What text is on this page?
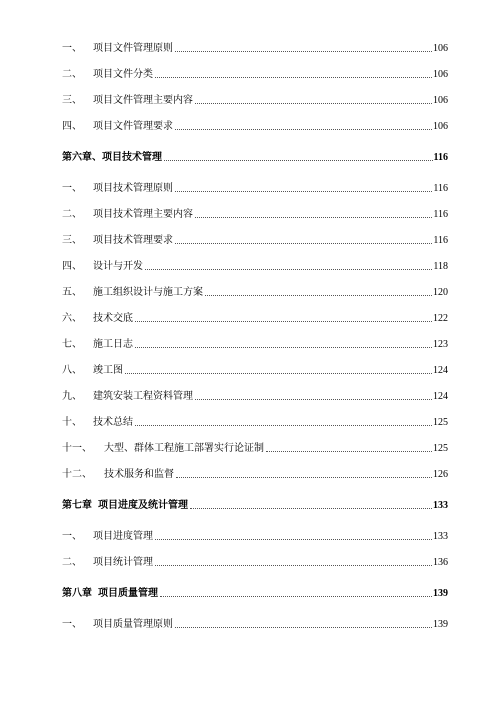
一、	项目文件管理原则	106
二、	项目文件分类	106
三、	项目文件管理主要内容	106
四、	项目文件管理要求	106
第六章、项目技术管理	116
一、	项目技术管理原则	116
二、	项目技术管理主要内容	116
三、	项目技术管理要求	116
四、	设计与开发	118
五、	施工组织设计与施工方案	120
六、	技术交底	122
七、	施工日志	123
八、	竣工图	124
九、	建筑安装工程资料管理	124
十、	技术总结	125
十一、	大型、群体工程施工部署实行论证制	125
十二、	技术服务和监督	126
第七章 项目进度及统计管理	133
一、	项目进度管理	133
二、	项目统计管理	136
第八章 项目质量管理	139
一、	项目质量管理原则	139
